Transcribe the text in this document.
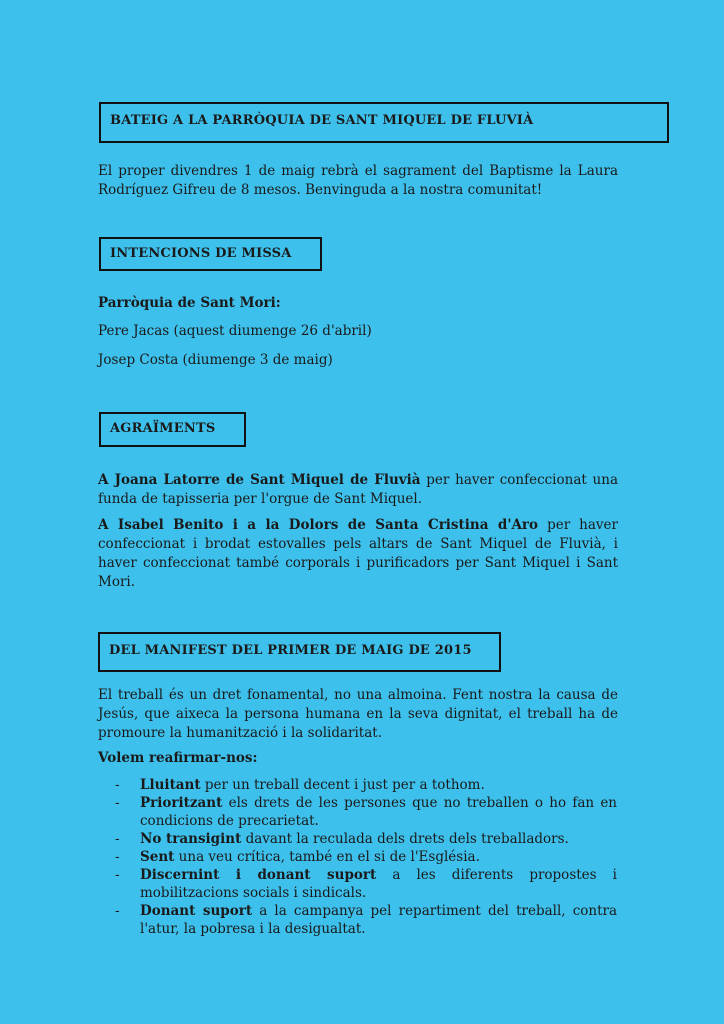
BATEIG A LA PARRÒQUIA DE SANT MIQUEL DE FLUVIÀ
El proper divendres 1 de maig rebrà el sagrament del Baptisme la Laura Rodríguez Gifreu de 8 mesos. Benvinguda a la nostra comunitat!
INTENCIONS DE MISSA
Parròquia de Sant Mori:
Pere Jacas (aquest diumenge 26 d'abril)
Josep Costa (diumenge 3 de maig)
AGRAÏMENTS
A Joana Latorre de Sant Miquel de Fluvià per haver confeccionat una funda de tapisseria per l'orgue de Sant Miquel.
A Isabel Benito i a la Dolors de Santa Cristina d'Aro per haver confeccionat i brodat estovalles pels altars de Sant Miquel de Fluvià, i haver confeccionat també corporals i purificadors per Sant Miquel i Sant Mori.
DEL MANIFEST DEL PRIMER DE MAIG DE 2015
El treball és un dret fonamental, no una almoina. Fent nostra la causa de Jesús, que aixeca la persona humana en la seva dignitat, el treball ha de promoure la humanització i la solidaritat.
Volem reafirmar-nos:
- Lluitant per un treball decent i just per a tothom.
- Prioritzant els drets de les persones que no treballen o ho fan en condicions de precarietat.
- No transigint davant la reculada dels drets dels treballadors.
- Sent una veu crítica, també en el si de l'Església.
- Discernint i donant suport a les diferents propostes i mobilitzacions socials i sindicals.
- Donant suport a la campanya pel repartiment del treball, contra l'atur, la pobresa i la desigualtat.
